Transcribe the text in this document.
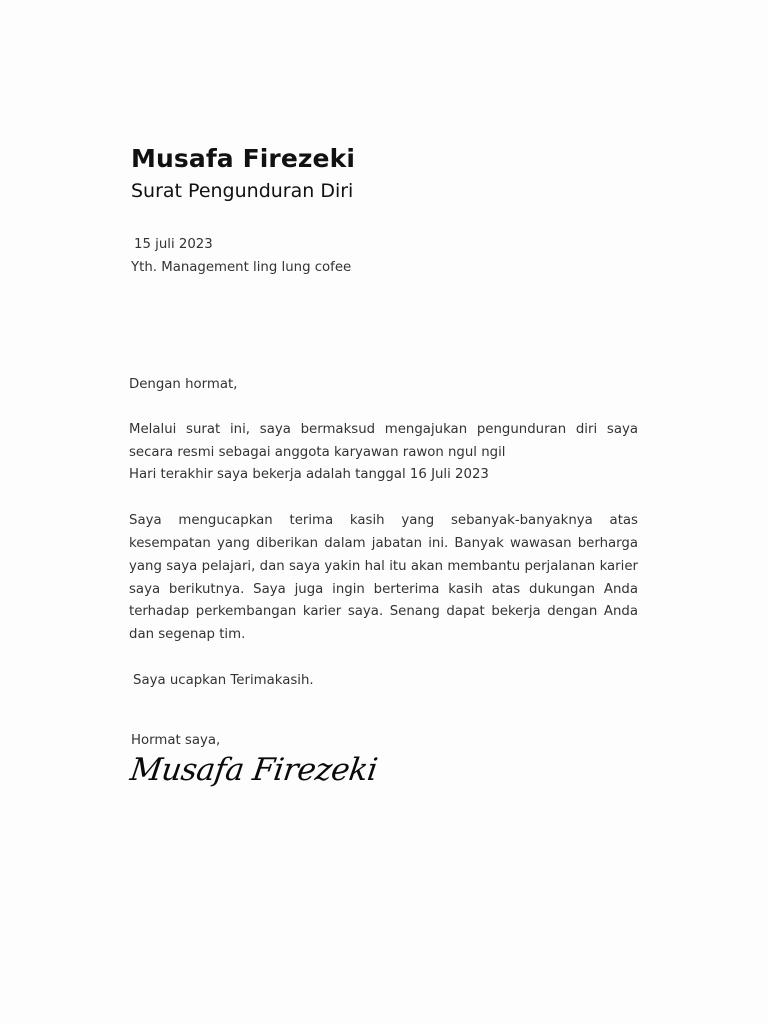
Musafa Firezeki
Surat Pengunduran Diri
15 juli 2023
Yth. Management ling lung cofee

Dengan hormat,

Melalui surat ini, saya bermaksud mengajukan pengunduran diri saya secara resmi sebagai anggota karyawan rawon ngul ngil
Hari terakhir saya bekerja adalah tanggal 16 Juli 2023

Saya mengucapkan terima kasih yang sebanyak-banyaknya atas kesempatan yang diberikan dalam jabatan ini. Banyak wawasan berharga yang saya pelajari, dan saya yakin hal itu akan membantu perjalanan karier saya berikutnya. Saya juga ingin berterima kasih atas dukungan Anda terhadap perkembangan karier saya. Senang dapat bekerja dengan Anda dan segenap tim.

Saya ucapkan Terimakasih.

Hormat saya,
Musafa Firezeki
